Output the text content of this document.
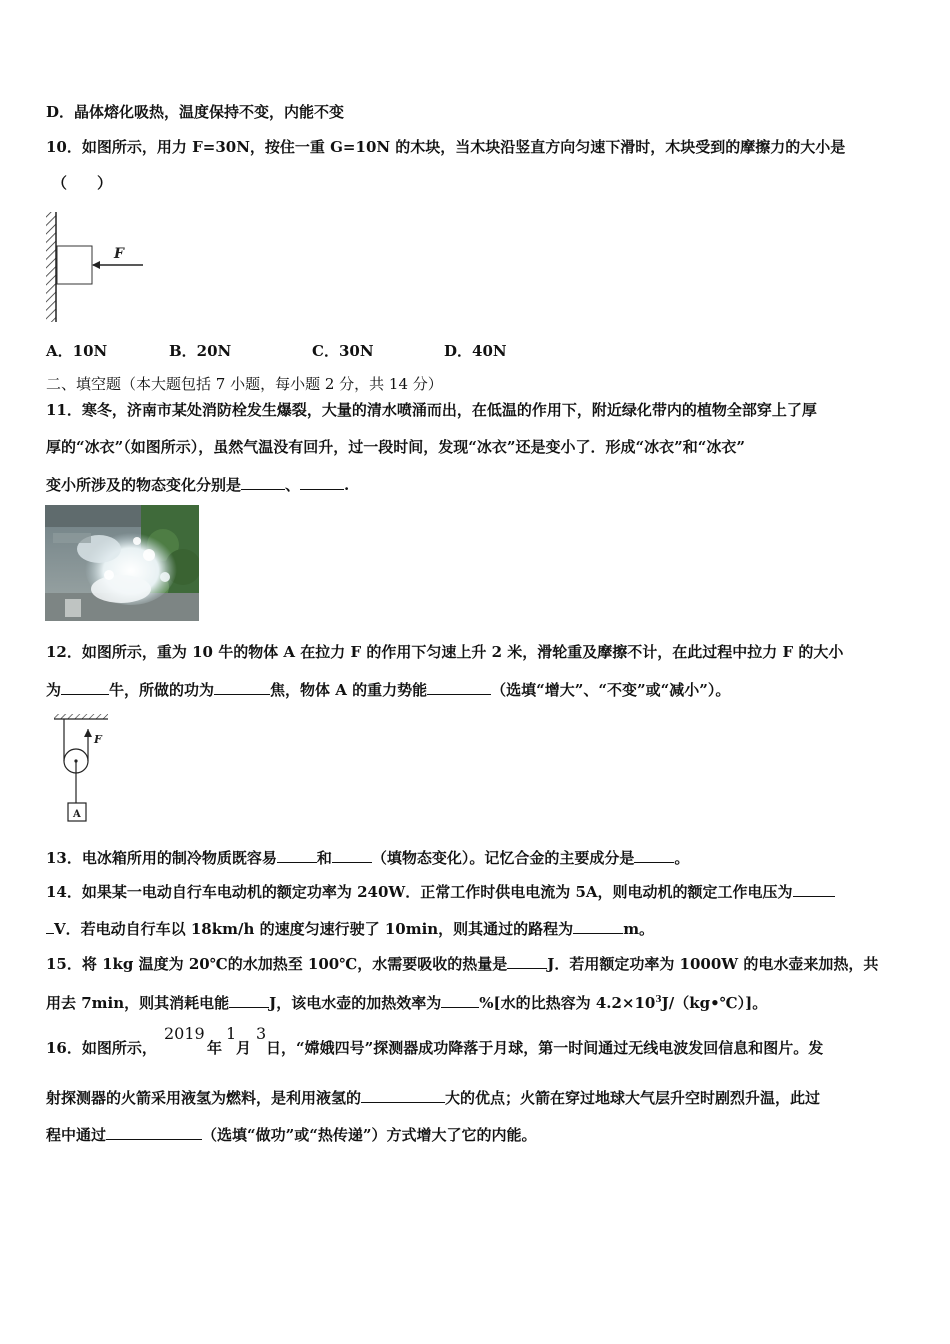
D．晶体熔化吸热，温度保持不变，内能不变
10．如图所示，用力 F=30N，按住一重 G=10N 的木块，当木块沿竖直方向匀速下滑时，木块受到的摩擦力的大小是
（　　）
F
A．10N	B．20N	C．30N	D．40N
二、填空题（本大题包括 7 小题，每小题 2 分，共 14 分）
11．寒冬，济南市某处消防栓发生爆裂，大量的清水喷涌而出，在低温的作用下，附近绿化带内的植物全部穿上了厚
厚的“冰衣”（如图所示），虽然气温没有回升，过一段时间，发现“冰衣”还是变小了．形成“冰衣”和“冰衣”
变小所涉及的物态变化分别是	、	.
12．如图所示，重为 10 牛的物体 A 在拉力 F 的作用下匀速上升 2 米，滑轮重及摩擦不计，在此过程中拉力 F 的大小
为	牛，所做的功为	焦，物体 A 的重力势能	（选填“增大”、“不变”或“减小”）。
F
A
13．电冰箱所用的制冷物质既容易	和	（填物态变化）。记忆合金的主要成分是	。
14．如果某一电动自行车电动机的额定功率为 240W．正常工作时供电电流为 5A，则电动机的额定工作电压为
V．若电动自行车以 18km/h 的速度匀速行驶了 10min，则其通过的路程为	m。
15．将 1kg 温度为 20℃的水加热至 100℃，水需要吸收的热量是	J．若用额定功率为 1000W 的电水壶来加热，共
用去 7min，则其消耗电能	J，该电水壶的加热效率为	%[水的比热容为 $4.2\times 10^3J/(kg•℃)$]。
16．如图所示，
2019
年
1
月
3
日，“嫦娥四号”探测器成功降落于月球，第一时间通过无线电波发回信息和图片。发
射探测器的火箭采用液氢为燃料，是利用液氢的	大的优点；火箭在穿过地球大气层升空时剧烈升温，此过
程中通过	（选填“做功”或“热传递”）方式增大了它的内能。
